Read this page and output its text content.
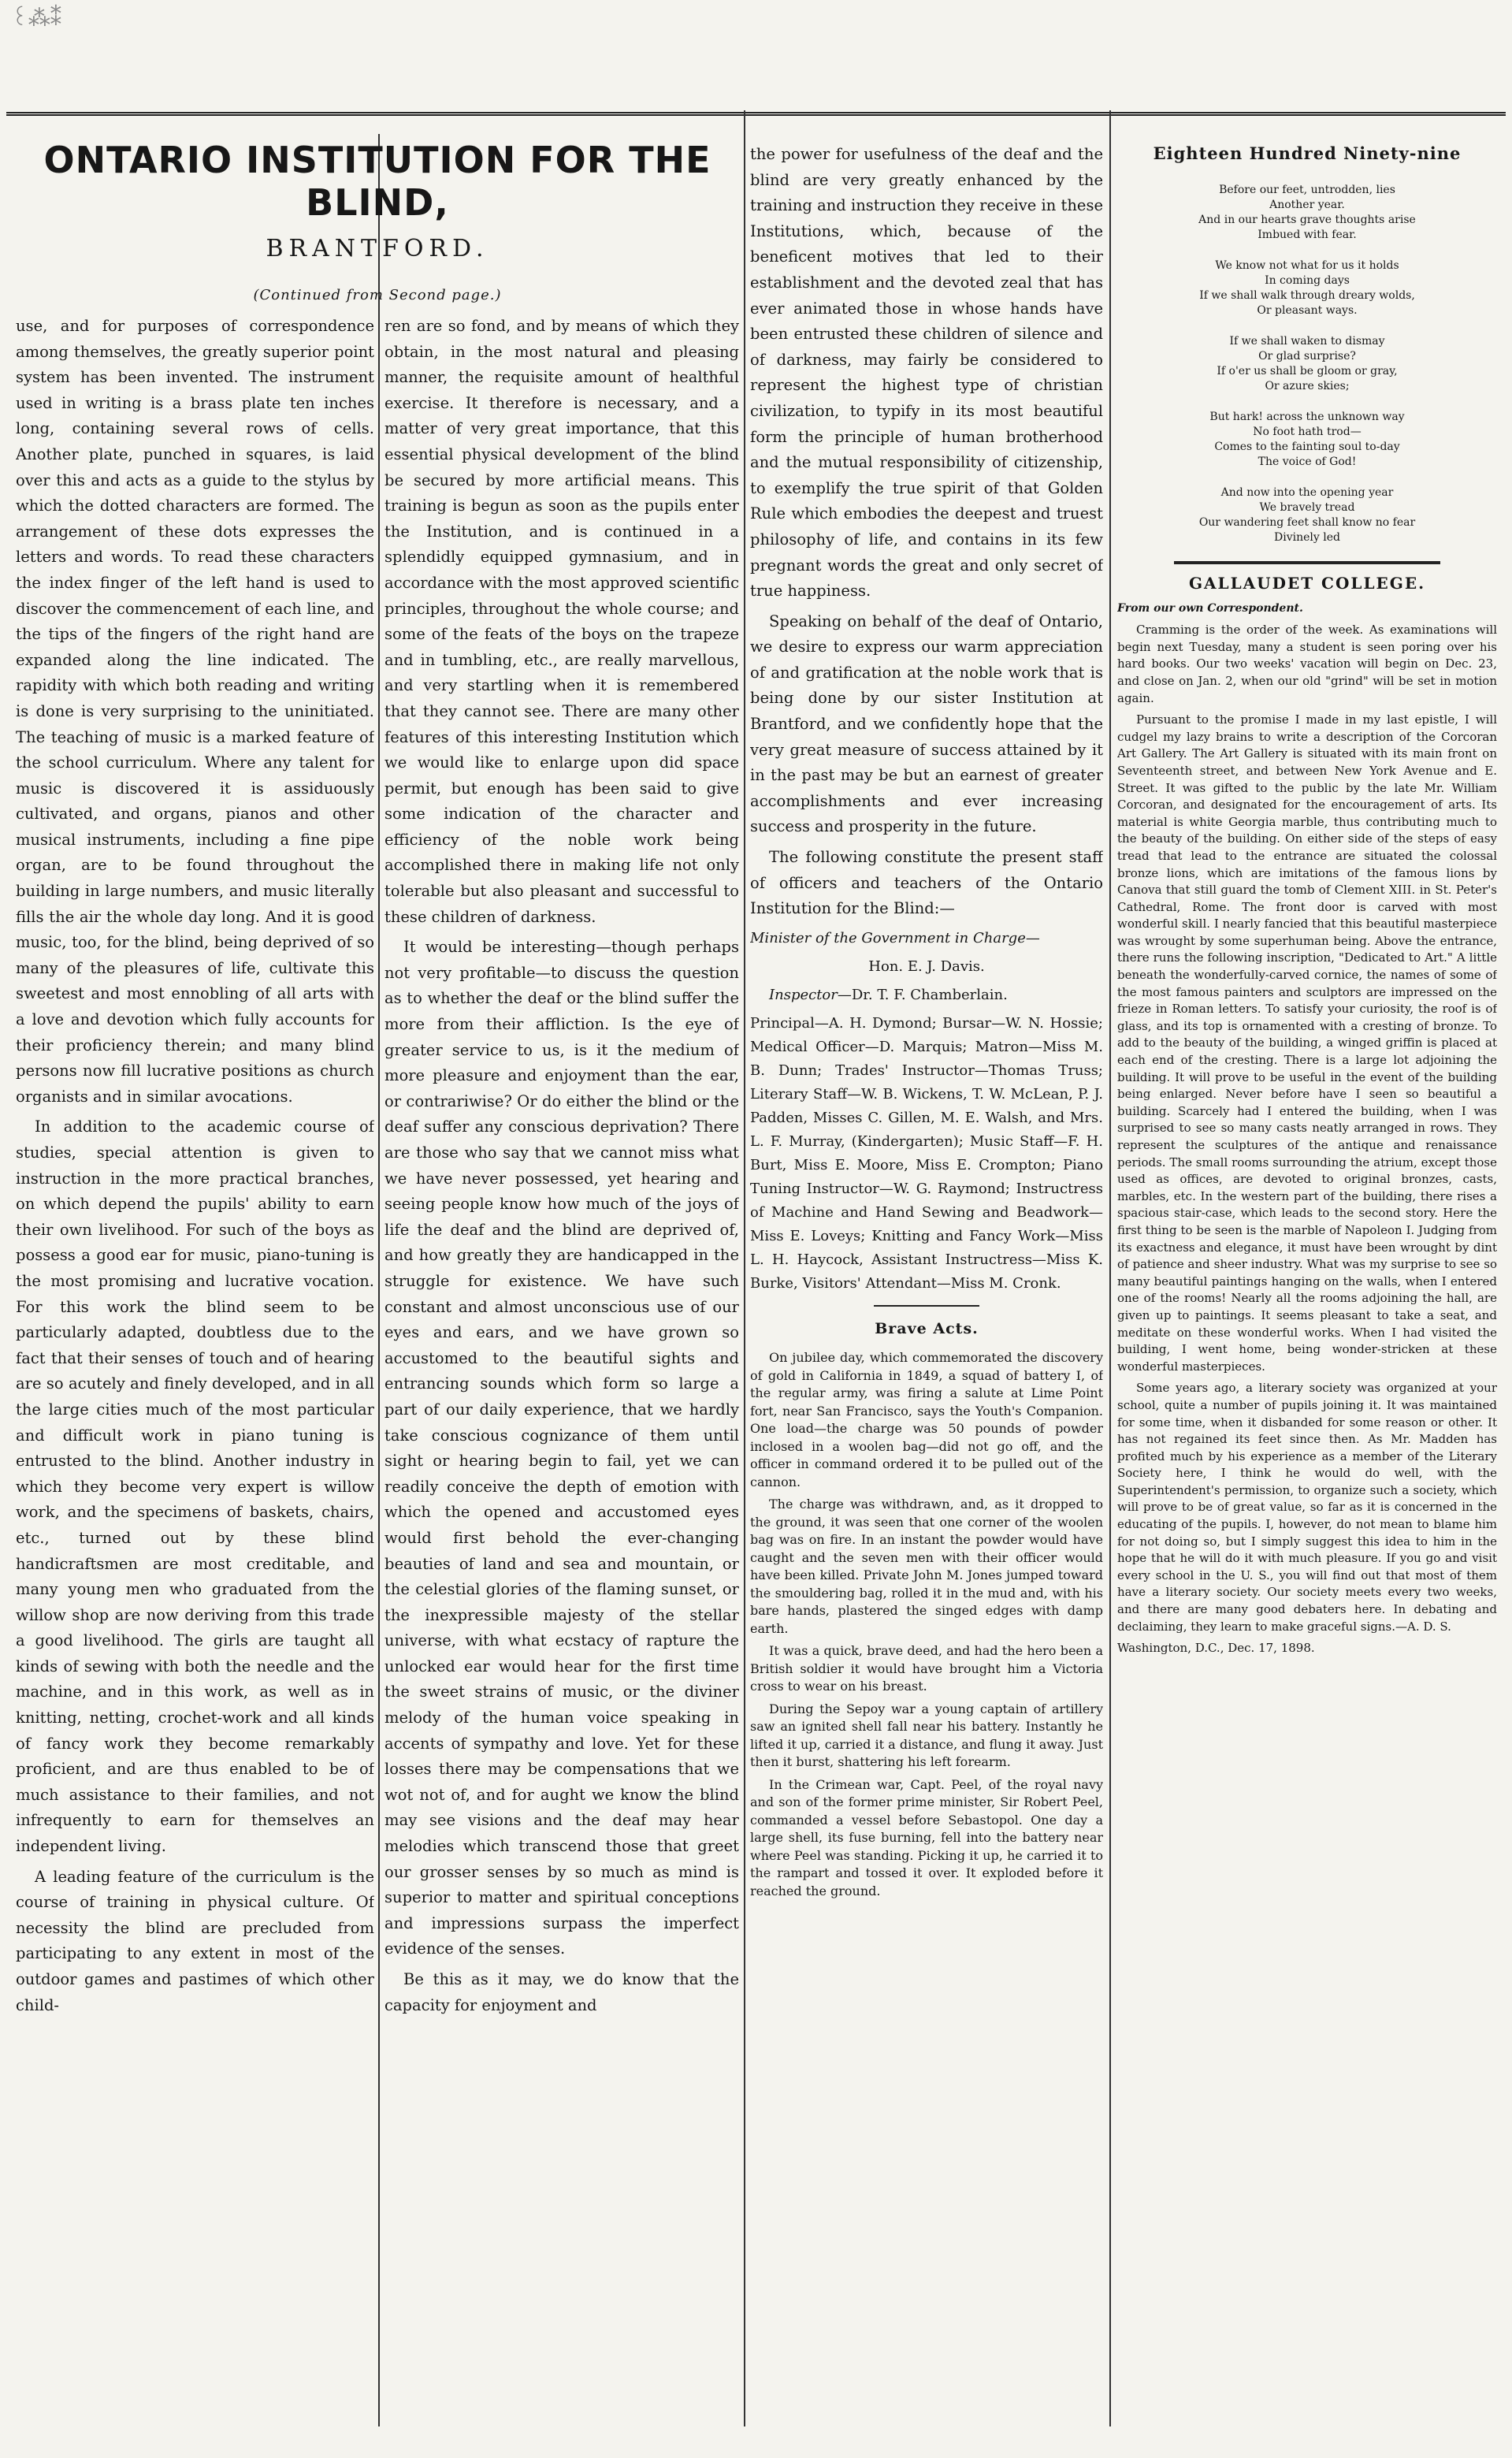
꒰⁂⁑
ONTARIO INSTITUTION FOR THE BLIND,
BRANTFORD.
(Continued from Second page.)

use, and for purposes of correspondence among themselves, the greatly superior point system has been invented. The instrument used in writing is a brass plate ten inches long, containing several rows of cells. Another plate, punched in squares, is laid over this and acts as a guide to the stylus by which the dotted characters are formed. The arrangement of these dots expresses the letters and words. To read these characters the index finger of the left hand is used to discover the commencement of each line, and the tips of the fingers of the right hand are expanded along the line indicated. The rapidity with which both reading and writing is done is very surprising to the uninitiated. The teaching of music is a marked feature of the school curriculum. Where any talent for music is discovered it is assiduously cultivated, and organs, pianos and other musical instruments, including a fine pipe organ, are to be found throughout the building in large numbers, and music literally fills the air the whole day long. And it is good music, too, for the blind, being deprived of so many of the pleasures of life, cultivate this sweetest and most ennobling of all arts with a love and devotion which fully accounts for their proficiency therein; and many blind persons now fill lucrative positions as church organists and in similar avocations.

In addition to the academic course of studies, special attention is given to instruction in the more practical branches, on which depend the pupils' ability to earn their own livelihood. For such of the boys as possess a good ear for music, piano-tuning is the most promising and lucrative vocation. For this work the blind seem to be particularly adapted, doubtless due to the fact that their senses of touch and of hearing are so acutely and finely developed, and in all the large cities much of the most particular and difficult work in piano tuning is entrusted to the blind. Another industry in which they become very expert is willow work, and the specimens of baskets, chairs, etc., turned out by these blind handicraftsmen are most creditable, and many young men who graduated from the willow shop are now deriving from this trade a good livelihood. The girls are taught all kinds of sewing with both the needle and the machine, and in this work, as well as in knitting, netting, crochet-work and all kinds of fancy work they become remarkably proficient, and are thus enabled to be of much assistance to their families, and not infrequently to earn for themselves an independent living.

A leading feature of the curriculum is the course of training in physical culture. Of necessity the blind are precluded from participating to any extent in most of the outdoor games and pastimes of which other child-

ren are so fond, and by means of which they obtain, in the most natural and pleasing manner, the requisite amount of healthful exercise. It therefore is necessary, and a matter of very great importance, that this essential physical development of the blind be secured by more artificial means. This training is begun as soon as the pupils enter the Institution, and is continued in a splendidly equipped gymnasium, and in accordance with the most approved scientific principles, throughout the whole course; and some of the feats of the boys on the trapeze and in tumbling, etc., are really marvellous, and very startling when it is remembered that they cannot see. There are many other features of this interesting Institution which we would like to enlarge upon did space permit, but enough has been said to give some indication of the character and efficiency of the noble work being accomplished there in making life not only tolerable but also pleasant and successful to these children of darkness.

It would be interesting—though perhaps not very profitable—to discuss the question as to whether the deaf or the blind suffer the more from their affliction. Is the eye of greater service to us, is it the medium of more pleasure and enjoyment than the ear, or contrariwise? Or do either the blind or the deaf suffer any conscious deprivation? There are those who say that we cannot miss what we have never possessed, yet hearing and seeing people know how much of the joys of life the deaf and the blind are deprived of, and how greatly they are handicapped in the struggle for existence. We have such constant and almost unconscious use of our eyes and ears, and we have grown so accustomed to the beautiful sights and entrancing sounds which form so large a part of our daily experience, that we hardly take conscious cognizance of them until sight or hearing begin to fail, yet we can readily conceive the depth of emotion with which the opened and accustomed eyes would first behold the ever-changing beauties of land and sea and mountain, or the celestial glories of the flaming sunset, or the inexpressible majesty of the stellar universe, with what ecstacy of rapture the unlocked ear would hear for the first time the sweet strains of music, or the diviner melody of the human voice speaking in accents of sympathy and love. Yet for these losses there may be compensations that we wot not of, and for aught we know the blind may see visions and the deaf may hear melodies which transcend those that greet our grosser senses by so much as mind is superior to matter and spiritual conceptions and impressions surpass the imperfect evidence of the senses.

Be this as it may, we do know that the capacity for enjoyment and

the power for usefulness of the deaf and the blind are very greatly enhanced by the training and instruction they receive in these Institutions, which, because of the beneficent motives that led to their establishment and the devoted zeal that has ever animated those in whose hands have been entrusted these children of silence and of darkness, may fairly be considered to represent the highest type of christian civilization, to typify in its most beautiful form the principle of human brotherhood and the mutual responsibility of citizenship, to exemplify the true spirit of that Golden Rule which embodies the deepest and truest philosophy of life, and contains in its few pregnant words the great and only secret of true happiness.

Speaking on behalf of the deaf of Ontario, we desire to express our warm appreciation of and gratification at the noble work that is being done by our sister Institution at Brantford, and we confidently hope that the very great measure of success attained by it in the past may be but an earnest of greater accomplishments and ever increasing success and prosperity in the future.

The following constitute the present staff of officers and teachers of the Ontario Institution for the Blind:—

Minister of the Government in Charge—

Hon. E. J. Davis.

Inspector—Dr. T. F. Chamberlain.

Principal—A. H. Dymond; Bursar—W. N. Hossie; Medical Officer—D. Marquis; Matron—Miss M. B. Dunn; Trades' Instructor—Thomas Truss; Literary Staff—W. B. Wickens, T. W. McLean, P. J. Padden, Misses C. Gillen, M. E. Walsh, and Mrs. L. F. Murray, (Kindergarten); Music Staff—F. H. Burt, Miss E. Moore, Miss E. Crompton; Piano Tuning Instructor—W. G. Raymond; Instructress of Machine and Hand Sewing and Beadwork—Miss E. Loveys; Knitting and Fancy Work—Miss L. H. Haycock, Assistant Instructress—Miss K. Burke, Visitors' Attendant—Miss M. Cronk.

Brave Acts.

On jubilee day, which commemorated the discovery of gold in California in 1849, a squad of battery I, of the regular army, was firing a salute at Lime Point fort, near San Francisco, says the Youth's Companion. One load—the charge was 50 pounds of powder inclosed in a woolen bag—did not go off, and the officer in command ordered it to be pulled out of the cannon.

The charge was withdrawn, and, as it dropped to the ground, it was seen that one corner of the woolen bag was on fire. In an instant the powder would have caught and the seven men with their officer would have been killed. Private John M. Jones jumped toward the smouldering bag, rolled it in the mud and, with his bare hands, plastered the singed edges with damp earth.

It was a quick, brave deed, and had the hero been a British soldier it would have brought him a Victoria cross to wear on his breast.

During the Sepoy war a young captain of artillery saw an ignited shell fall near his battery. Instantly he lifted it up, carried it a distance, and flung it away. Just then it burst, shattering his left forearm.

In the Crimean war, Capt. Peel, of the royal navy and son of the former prime minister, Sir Robert Peel, commanded a vessel before Sebastopol. One day a large shell, its fuse burning, fell into the battery near where Peel was standing. Picking it up, he carried it to the rampart and tossed it over. It exploded before it reached the ground.

Eighteen Hundred Ninety-nine
Before our feet, untrodden, lies
Another year.
And in our hearts grave thoughts arise
Imbued with fear.
We know not what for us it holds
In coming days
If we shall walk through dreary wolds,
Or pleasant ways.
If we shall waken to dismay
Or glad surprise?
If o'er us shall be gloom or gray,
Or azure skies;
But hark! across the unknown way
No foot hath trod—
Comes to the fainting soul to-day
The voice of God!
And now into the opening year
We bravely tread
Our wandering feet shall know no fear
Divinely led
GALLAUDET COLLEGE.

From our own Correspondent.

Cramming is the order of the week. As examinations will begin next Tuesday, many a student is seen poring over his hard books. Our two weeks' vacation will begin on Dec. 23, and close on Jan. 2, when our old "grind" will be set in motion again.

Pursuant to the promise I made in my last epistle, I will cudgel my lazy brains to write a description of the Corcoran Art Gallery. The Art Gallery is situated with its main front on Seventeenth street, and between New York Avenue and E. Street. It was gifted to the public by the late Mr. William Corcoran, and designated for the encouragement of arts. Its material is white Georgia marble, thus contributing much to the beauty of the building. On either side of the steps of easy tread that lead to the entrance are situated the colossal bronze lions, which are imitations of the famous lions by Canova that still guard the tomb of Clement XIII. in St. Peter's Cathedral, Rome. The front door is carved with most wonderful skill. I nearly fancied that this beautiful masterpiece was wrought by some superhuman being. Above the entrance, there runs the following inscription, "Dedicated to Art." A little beneath the wonderfully-carved cornice, the names of some of the most famous painters and sculptors are impressed on the frieze in Roman letters. To satisfy your curiosity, the roof is of glass, and its top is ornamented with a cresting of bronze. To add to the beauty of the building, a winged griffin is placed at each end of the cresting. There is a large lot adjoining the building. It will prove to be useful in the event of the building being enlarged. Never before have I seen so beautiful a building. Scarcely had I entered the building, when I was surprised to see so many casts neatly arranged in rows. They represent the sculptures of the antique and renaissance periods. The small rooms surrounding the atrium, except those used as offices, are devoted to original bronzes, casts, marbles, etc. In the western part of the building, there rises a spacious stair-case, which leads to the second story. Here the first thing to be seen is the marble of Napoleon I. Judging from its exactness and elegance, it must have been wrought by dint of patience and sheer industry. What was my surprise to see so many beautiful paintings hanging on the walls, when I entered one of the rooms! Nearly all the rooms adjoining the hall, are given up to paintings. It seems pleasant to take a seat, and meditate on these wonderful works. When I had visited the building, I went home, being wonder-stricken at these wonderful masterpieces.

Some years ago, a literary society was organized at your school, quite a number of pupils joining it. It was maintained for some time, when it disbanded for some reason or other. It has not regained its feet since then. As Mr. Madden has profited much by his experience as a member of the Literary Society here, I think he would do well, with the Superintendent's permission, to organize such a society, which will prove to be of great value, so far as it is concerned in the educating of the pupils. I, however, do not mean to blame him for not doing so, but I simply suggest this idea to him in the hope that he will do it with much pleasure. If you go and visit every school in the U. S., you will find out that most of them have a literary society. Our society meets every two weeks, and there are many good debaters here. In debating and declaiming, they learn to make graceful signs.—A. D. S.

Washington, D.C., Dec. 17, 1898.
